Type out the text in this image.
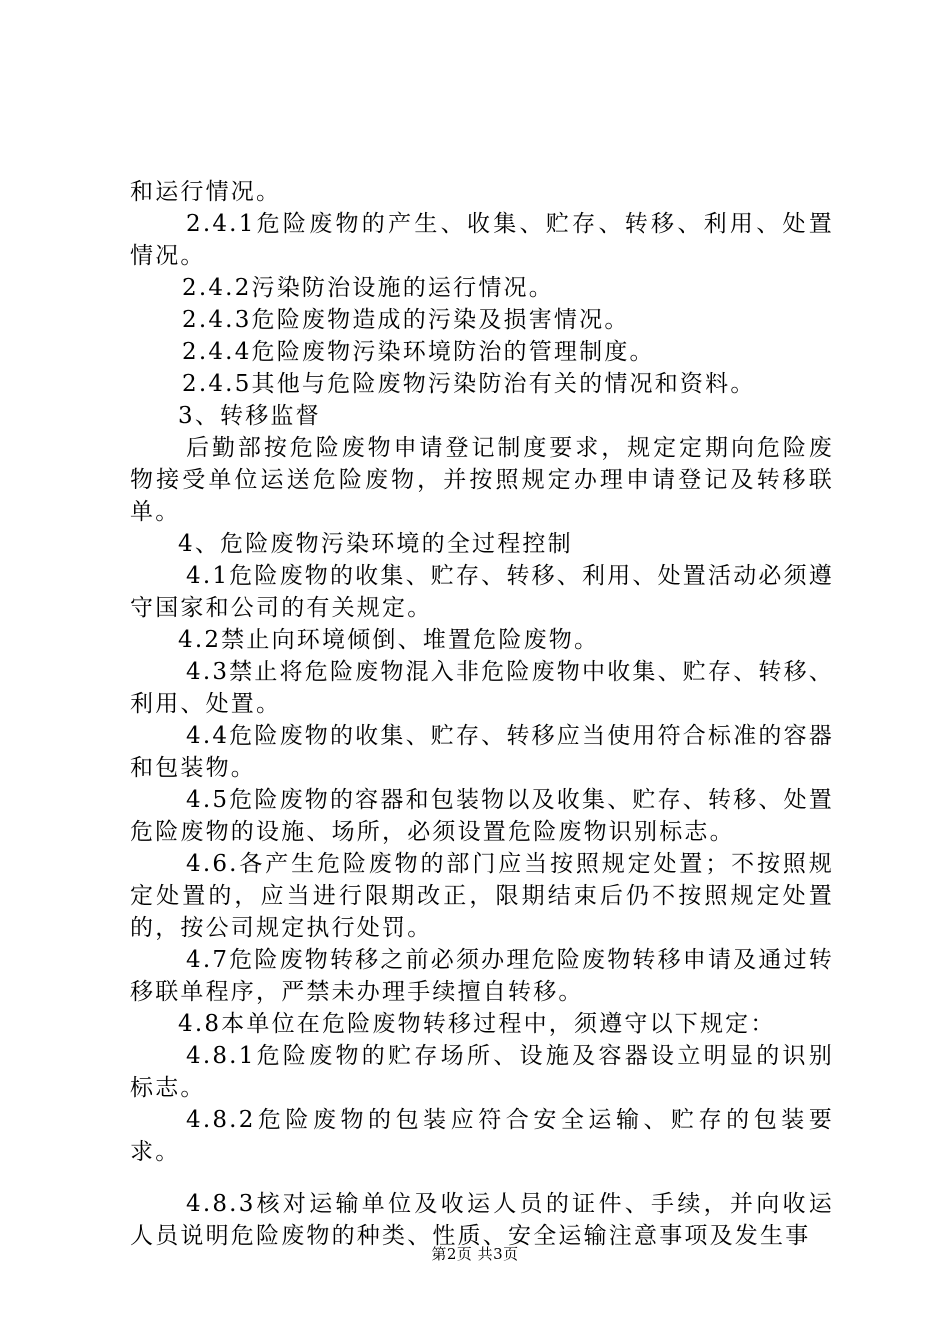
和运行情况。

2.4.1危险废物的产生、收集、贮存、转移、利用、处置情况。

2.4.2污染防治设施的运行情况。

2.4.3危险废物造成的污染及损害情况。

2.4.4危险废物污染环境防治的管理制度。

2.4.5其他与危险废物污染防治有关的情况和资料。

3、转移监督

后勤部按危险废物申请登记制度要求，规定定期向危险废物接受单位运送危险废物，并按照规定办理申请登记及转移联单。

4、危险废物污染环境的全过程控制

4.1危险废物的收集、贮存、转移、利用、处置活动必须遵守国家和公司的有关规定。

4.2禁止向环境倾倒、堆置危险废物。

4.3禁止将危险废物混入非危险废物中收集、贮存、转移、利用、处置。

4.4危险废物的收集、贮存、转移应当使用符合标准的容器和包装物。

4.5危险废物的容器和包装物以及收集、贮存、转移、处置危险废物的设施、场所，必须设置危险废物识别标志。

4.6.各产生危险废物的部门应当按照规定处置；不按照规定处置的，应当进行限期改正，限期结束后仍不按照规定处置的，按公司规定执行处罚。

4.7危险废物转移之前必须办理危险废物转移申请及通过转移联单程序，严禁未办理手续擅自转移。

4.8本单位在危险废物转移过程中，须遵守以下规定：

4.8.1危险废物的贮存场所、设施及容器设立明显的识别标志。

4.8.2危险废物的包装应符合安全运输、贮存的包装要求。

4.8.3核对运输单位及收运人员的证件、手续，并向收运人员说明危险废物的种类、性质、安全运输注意事项及发生事

第2页 共3页
